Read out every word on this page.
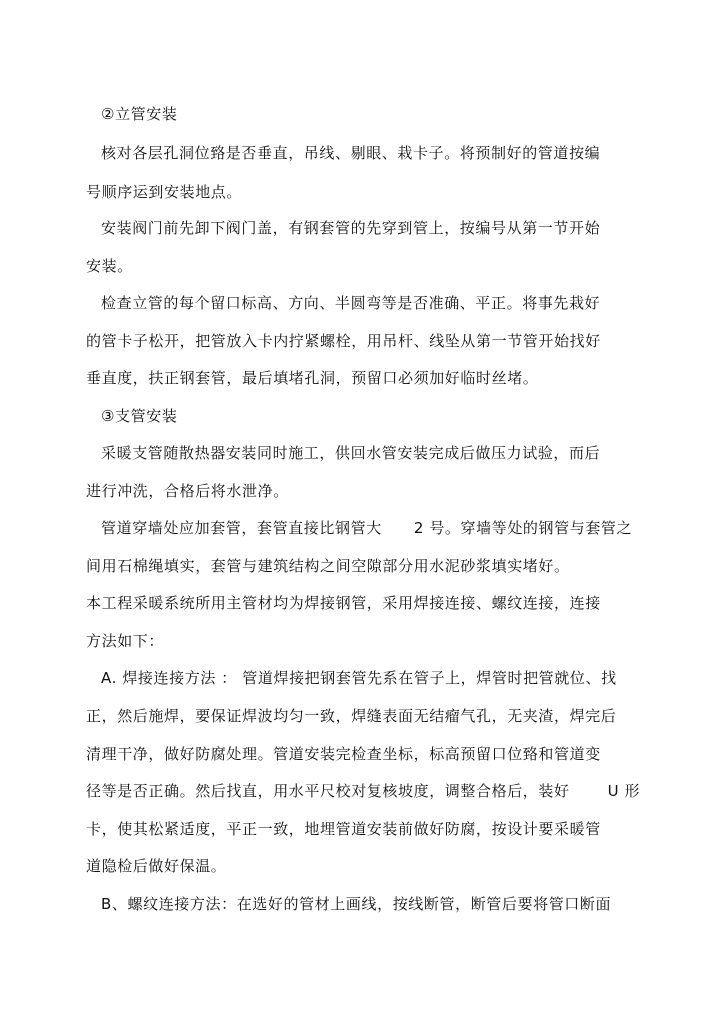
②立管安装
核对各层孔洞位臵是否垂直，吊线、剔眼、栽卡子。将预制好的管道按编
号顺序运到安装地点。
安装阀门前先卸下阀门盖，有钢套管的先穿到管上，按编号从第一节开始
安装。
检查立管的每个留口标高、方向、半圆弯等是否准确、平正。将事先栽好
的管卡子松开，把管放入卡内拧紧螺栓，用吊杆、线坠从第一节管开始找好
垂直度，扶正钢套管，最后填堵孔洞，预留口必须加好临时丝堵。
③支管安装
采暖支管随散热器安装同时施工，供回水管安装完成后做压力试验，而后
进行冲洗，合格后将水泄净。
管道穿墙处应加套管，套管直接比钢管大 2 号。穿墙等处的钢管与套管之
间用石棉绳填实，套管与建筑结构之间空隙部分用水泥砂浆填实堵好。
本工程采暖系统所用主管材均为焊接钢管，采用焊接连接、螺纹连接，连接
方法如下：
A. 焊接连接方法 ： 管道焊接把钢套管先系在管子上，焊管时把管就位、找
正，然后施焊，要保证焊波均匀一致，焊缝表面无结瘤气孔，无夹渣，焊完后
清理干净，做好防腐处理。管道安装完检查坐标，标高预留口位臵和管道变
径等是否正确。然后找直，用水平尺校对复核坡度，调整合格后，装好	U 形
卡，使其松紧适度，平正一致，地埋管道安装前做好防腐，按设计要采暖管
道隐检后做好保温。
B、螺纹连接方法：在选好的管材上画线，按线断管，断管后要将管口断面
